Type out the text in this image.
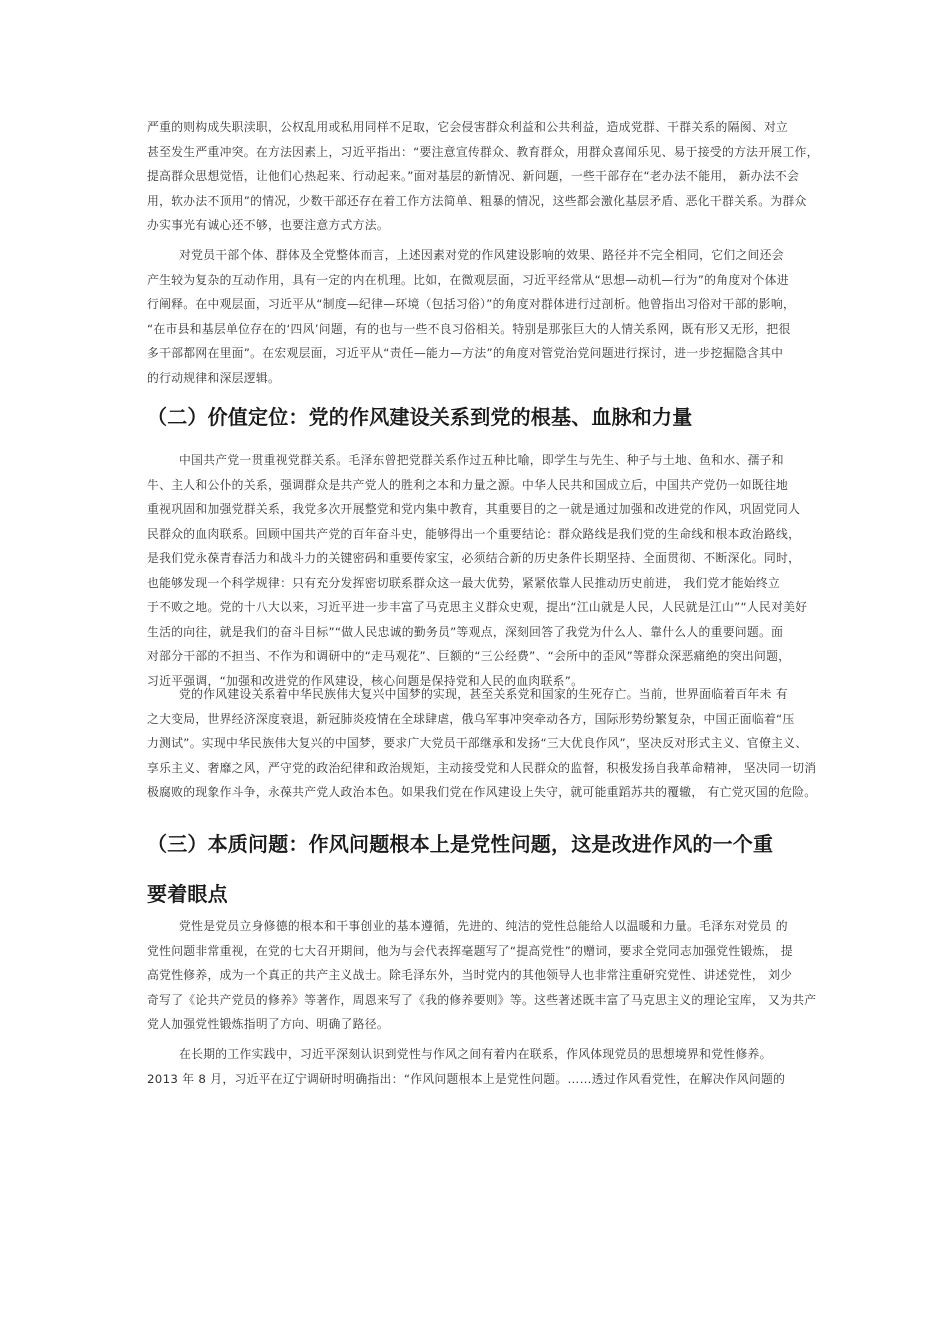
严重的则构成失职渎职，公权乱用或私用同样不足取，它会侵害群众利益和公共利益，造成党群、干群关系的隔阂、对立
甚至发生严重冲突。在方法因素上，习近平指出：“要注意宣传群众、教育群众，用群众喜闻乐见、易于接受的方法开展工作，
提高群众思想觉悟，让他们心热起来、行动起来。”面对基层的新情况、新问题，一些干部存在“老办法不能用， 新办法不会
用，软办法不顶用”的情况，少数干部还存在着工作方法简单、粗暴的情况，这些都会激化基层矛盾、恶化干群关系。为群众
办实事光有诚心还不够，也要注意方式方法。
对党员干部个体、群体及全党整体而言，上述因素对党的作风建设影响的效果、路径并不完全相同，它们之间还会
产生较为复杂的互动作用，具有一定的内在机理。比如，在微观层面，习近平经常从“思想—动机—行为”的角度对个体进
行阐释。在中观层面，习近平从“制度—纪律—环境（包括习俗）”的角度对群体进行过剖析。他曾指出习俗对干部的影响，
“在市县和基层单位存在的‘四风’问题，有的也与一些不良习俗相关。特别是那张巨大的人情关系网，既有形又无形，把很
多干部都网在里面”。在宏观层面，习近平从“责任—能力—方法”的角度对管党治党问题进行探讨，进一步挖掘隐含其中
的行动规律和深层逻辑。
（二）价值定位：党的作风建设关系到党的根基、血脉和力量
中国共产党一贯重视党群关系。毛泽东曾把党群关系作过五种比喻，即学生与先生、种子与土地、鱼和水、孺子和
牛、主人和公仆的关系，强调群众是共产党人的胜利之本和力量之源。中华人民共和国成立后，中国共产党仍一如既往地
重视巩固和加强党群关系，我党多次开展整党和党内集中教育，其重要目的之一就是通过加强和改进党的作风，巩固党同人
民群众的血肉联系。回顾中国共产党的百年奋斗史，能够得出一个重要结论：群众路线是我们党的生命线和根本政治路线，
是我们党永葆青春活力和战斗力的关键密码和重要传家宝，必须结合新的历史条件长期坚持、全面贯彻、不断深化。同时，
也能够发现一个科学规律：只有充分发挥密切联系群众这一最大优势，紧紧依靠人民推动历史前进， 我们党才能始终立
于不败之地。党的十八大以来，习近平进一步丰富了马克思主义群众史观，提出“江山就是人民，人民就是江山”“人民对美好
生活的向往，就是我们的奋斗目标”“做人民忠诚的勤务员”等观点，深刻回答了我党为什么人、靠什么人的重要问题。面
对部分干部的不担当、不作为和调研中的“走马观花”、巨额的“三公经费”、“会所中的歪风”等群众深恶痛绝的突出问题，
习近平强调，“加强和改进党的作风建设，核心问题是保持党和人民的血肉联系”。
党的作风建设关系着中华民族伟大复兴中国梦的实现，甚至关系党和国家的生死存亡。当前，世界面临着百年未 有
之大变局，世界经济深度衰退，新冠肺炎疫情在全球肆虐，俄乌军事冲突牵动各方，国际形势纷繁复杂，中国正面临着“压
力测试”。实现中华民族伟大复兴的中国梦，要求广大党员干部继承和发扬“三大优良作风”，坚决反对形式主义、官僚主义、
享乐主义、奢靡之风，严守党的政治纪律和政治规矩，主动接受党和人民群众的监督，积极发扬自我革命精神， 坚决同一切消
极腐败的现象作斗争，永葆共产党人政治本色。如果我们党在作风建设上失守，就可能重蹈苏共的覆辙， 有亡党灭国的危险。
（三）本质问题：作风问题根本上是党性问题，这是改进作风的一个重
要着眼点
党性是党员立身修德的根本和干事创业的基本遵循，先进的、纯洁的党性总能给人以温暖和力量。毛泽东对党员 的
党性问题非常重视，在党的七大召开期间，他为与会代表挥毫题写了“提高党性”的赠词，要求全党同志加强党性锻炼， 提
高党性修养，成为一个真正的共产主义战士。除毛泽东外，当时党内的其他领导人也非常注重研究党性、讲述党性， 刘少
奇写了《论共产党员的修养》等著作，周恩来写了《我的修养要则》等。这些著述既丰富了马克思主义的理论宝库， 又为共产
党人加强党性锻炼指明了方向、明确了路径。
在长期的工作实践中，习近平深刻认识到党性与作风之间有着内在联系，作风体现党员的思想境界和党性修养。
2013 年 8 月，习近平在辽宁调研时明确指出：“作风问题根本上是党性问题。……透过作风看党性，在解决作风问题的
